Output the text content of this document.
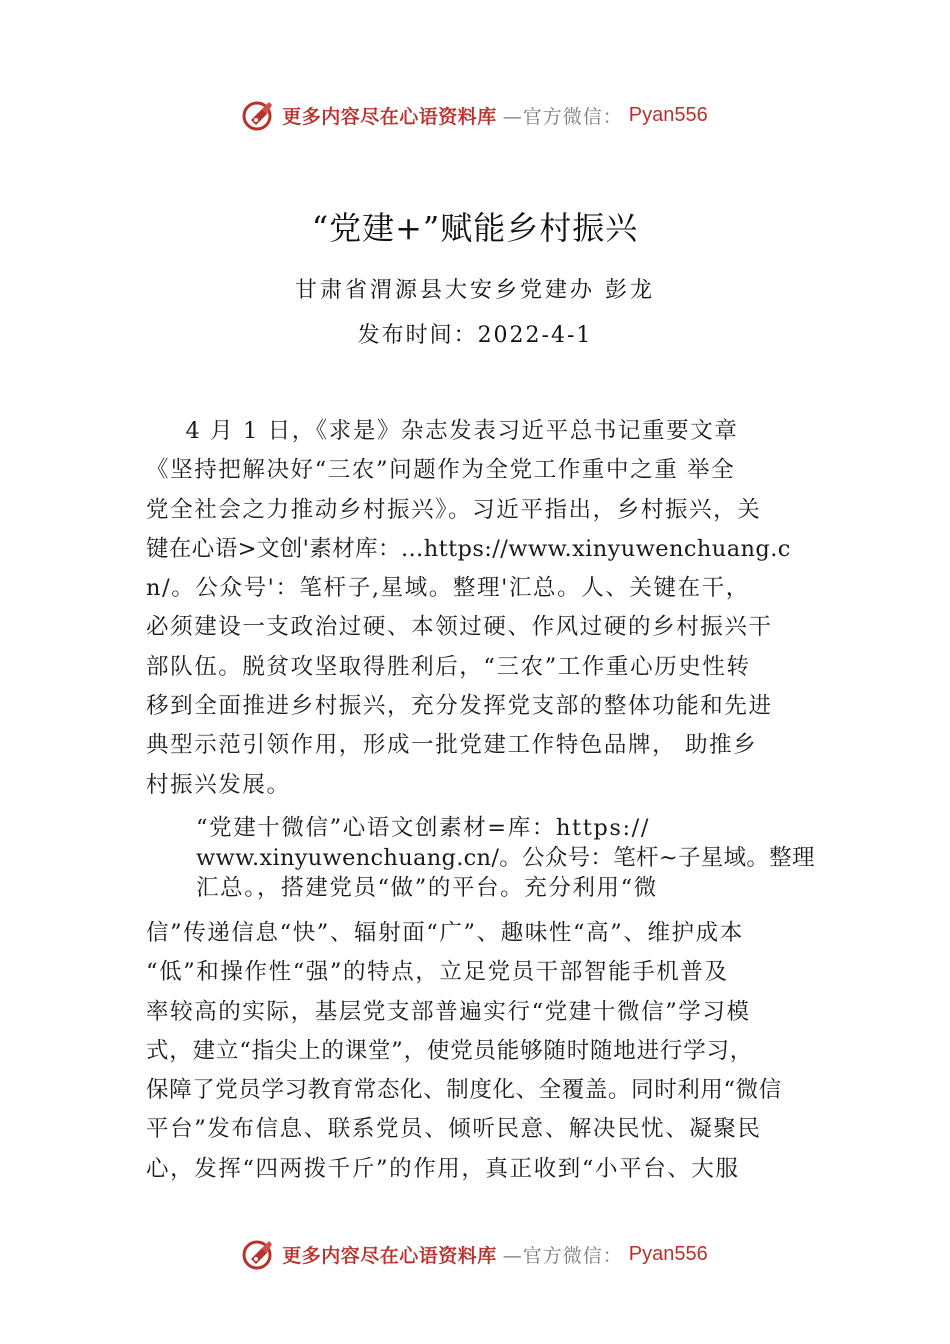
更多内容尽在心语资料库 —官方微信： Pyan556
“党建+”赋能乡村振兴
甘肃省渭源县大安乡党建办 彭龙
发布时间：2022-4-1
4 月 1 日，《求是》杂志发表习近平总书记重要文章
《坚持把解决好“三农”问题作为全党工作重中之重 举全
党全社会之力推动乡村振兴》。习近平指出，乡村振兴，关
键在心语>文创'素材库：…https://www.xinyuwenchuang.c
n/。公众号'：笔杆子,星域。整理'汇总。人、关键在干，
必须建设一支政治过硬、本领过硬、作风过硬的乡村振兴干
部队伍。脱贫攻坚取得胜利后，“三农”工作重心历史性转
移到全面推进乡村振兴，充分发挥党支部的整体功能和先进
典型示范引领作用，形成一批党建工作特色品牌， 助推乡
村振兴发展。
“党建十微信”心语文创素材=库：https://
www.xinyuwenchuang.cn/。公众号：笔杆~子星域。整理
汇总。，搭建党员“做”的平台。充分利用“微
信”传递信息“快”、辐射面“广”、趣味性“高”、维护成本
“低”和操作性“强”的特点，立足党员干部智能手机普及
率较高的实际，基层党支部普遍实行“党建十微信”学习模
式，建立“指尖上的课堂”，使党员能够随时随地进行学习，
保障了党员学习教育常态化、制度化、全覆盖。同时利用“微信
平台”发布信息、联系党员、倾听民意、解决民忧、凝聚民
心，发挥“四两拨千斤”的作用，真正收到“小平台、大服
更多内容尽在心语资料库 —官方微信： Pyan556
